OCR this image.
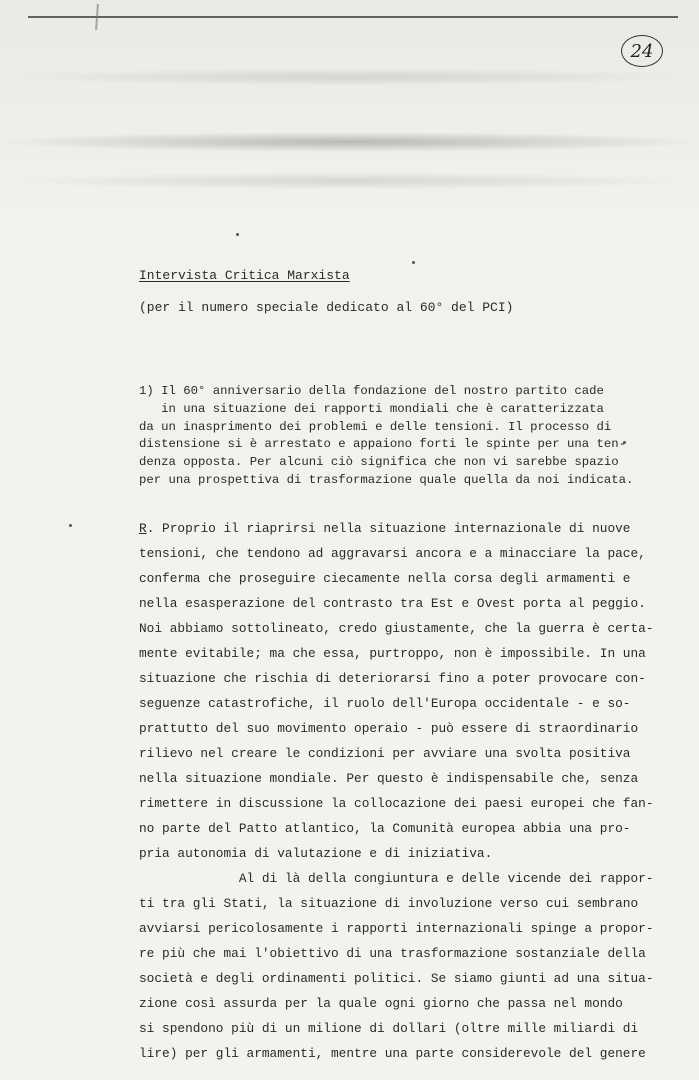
24
Intervista Critica Marxista
(per il numero speciale dedicato al 60° del PCI)
1) Il 60° anniversario della fondazione del nostro partito cade
in una situazione dei rapporti mondiali che è caratterizzata
da un inasprimento dei problemi e delle tensioni. Il processo di
distensione si è arrestato e appaiono forti le spinte per una ten-
denza opposta. Per alcuni ciò significa che non vi sarebbe spazio
per una prospettiva di trasformazione quale quella da noi indicata.
R. Proprio il riaprirsi nella situazione internazionale di nuove
tensioni, che tendono ad aggravarsi ancora e a minacciare la pace,
conferma che proseguire ciecamente nella corsa degli armamenti e
nella esasperazione del contrasto tra Est e Ovest porta al peggio.
Noi abbiamo sottolineato, credo giustamente, che la guerra è certa-
mente evitabile; ma che essa, purtroppo, non è impossibile. In una
situazione che rischia di deteriorarsi fino a poter provocare con-
seguenze catastrofiche, il ruolo dell'Europa occidentale - e so-
prattutto del suo movimento operaio - può essere di straordinario
rilievo nel creare le condizioni per avviare una svolta positiva
nella situazione mondiale. Per questo è indispensabile che, senza
rimettere in discussione la collocazione dei paesi europei che fan-
no parte del Patto atlantico, la Comunità europea abbia una pro-
pria autonomia di valutazione e di iniziativa.
Al di là della congiuntura e delle vicende dei rappor-
ti tra gli Stati, la situazione di involuzione verso cui sembrano
avviarsi pericolosamente i rapporti internazionali spinge a propor-
re più che mai l'obiettivo di una trasformazione sostanziale della
società e degli ordinamenti politici. Se siamo giunti ad una situa-
zione così assurda per la quale ogni giorno che passa nel mondo
si spendono più di un milione di dollari (oltre mille miliardi di
lire) per gli armamenti, mentre una parte considerevole del genere
